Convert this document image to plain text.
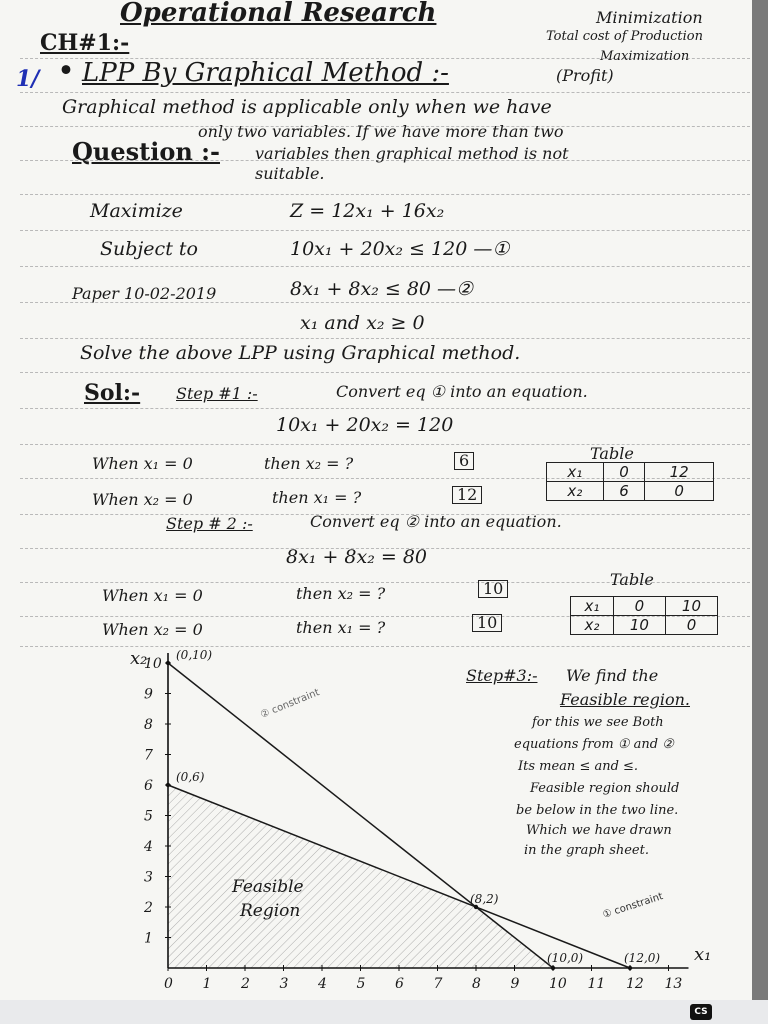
Operational Research
CH#1:-
1/ • LPP By Graphical Method :-
Minimization
Total cost of Production
Maximization
(Profit)
Graphical method is applicable only when we have
only two variables. If we have more than two
Question :- variables then graphical method is not
suitable.
Maximize	Z = 12x₁ + 16x₂
Subject to	10x₁ + 20x₂ ≤ 120 —①
8x₁ + 8x₂ ≤ 80 —②
Paper 10-02-2019
x₁ and x₂ ≥ 0
Solve the above LPP using Graphical method.
Sol:- Step #1 :-	Convert eq ① into an equation.
10x₁ + 20x₂ = 120
When x₁ = 0	then x₂ = ?	6
When x₂ = 0	then x₁ = ?	12
Table
x₁	0	12
x₂	6	0
Step # 2 :-	Convert eq ② into an equation.
8x₁ + 8x₂ = 80
When x₁ = 0	then x₂ = ?	10
When x₂ = 0	then x₁ = ?	10
Table
x₁	0	10
x₂	10	0
Step#3:- We find the
Feasible region.
for this we see Both
equations from ① and ②
Its mean ≤ and ≤.
Feasible region should
be below in the two line.
Which we have drawn
in the graph sheet.
0 1 2 3 4 5 6 7 8 9 10 11 12 13
1
2
3
4
5
6
7
8
9
10
(0,10)
(0,6)
(8,2)
(10,0)	(12,0)
Feasible
Region
x₁
x₂
① constraint
② constraint
CS
